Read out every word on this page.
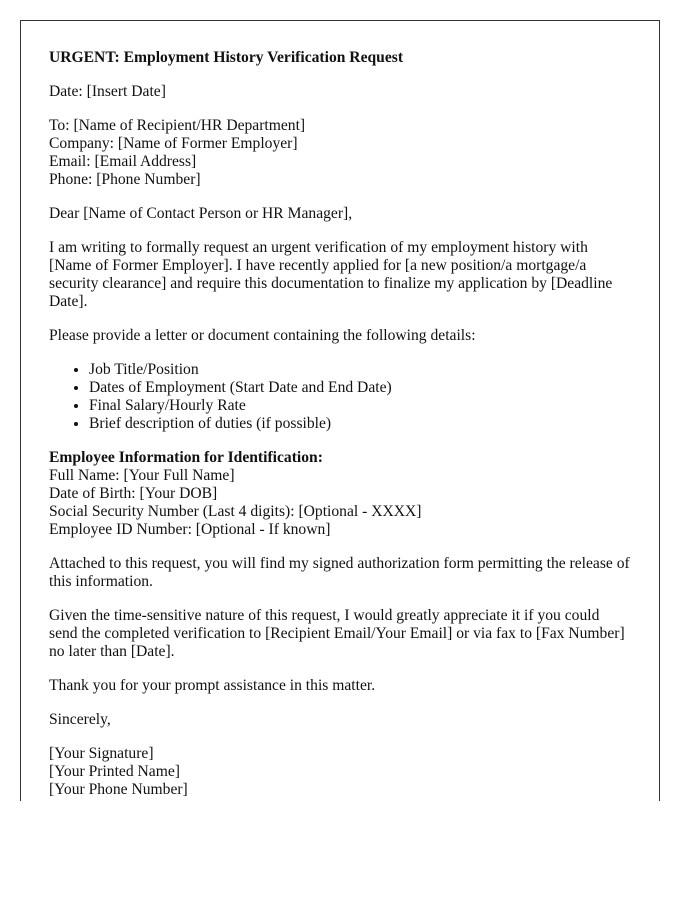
URGENT: Employment History Verification Request

Date: [Insert Date]

To: [Name of Recipient/HR Department]
Company: [Name of Former Employer]
Email: [Email Address]
Phone: [Phone Number]

Dear [Name of Contact Person or HR Manager],

I am writing to formally request an urgent verification of my employment history with [Name of Former Employer]. I have recently applied for [a new position/a mortgage/a security clearance] and require this documentation to finalize my application by [Deadline Date].

Please provide a letter or document containing the following details:

• Job Title/Position
• Dates of Employment (Start Date and End Date)
• Final Salary/Hourly Rate
• Brief description of duties (if possible)

Employee Information for Identification:
Full Name: [Your Full Name]
Date of Birth: [Your DOB]
Social Security Number (Last 4 digits): [Optional - XXXX]
Employee ID Number: [Optional - If known]

Attached to this request, you will find my signed authorization form permitting the release of this information.

Given the time-sensitive nature of this request, I would greatly appreciate it if you could send the completed verification to [Recipient Email/Your Email] or via fax to [Fax Number] no later than [Date].

Thank you for your prompt assistance in this matter.

Sincerely,

[Your Signature]
[Your Printed Name]
[Your Phone Number]
